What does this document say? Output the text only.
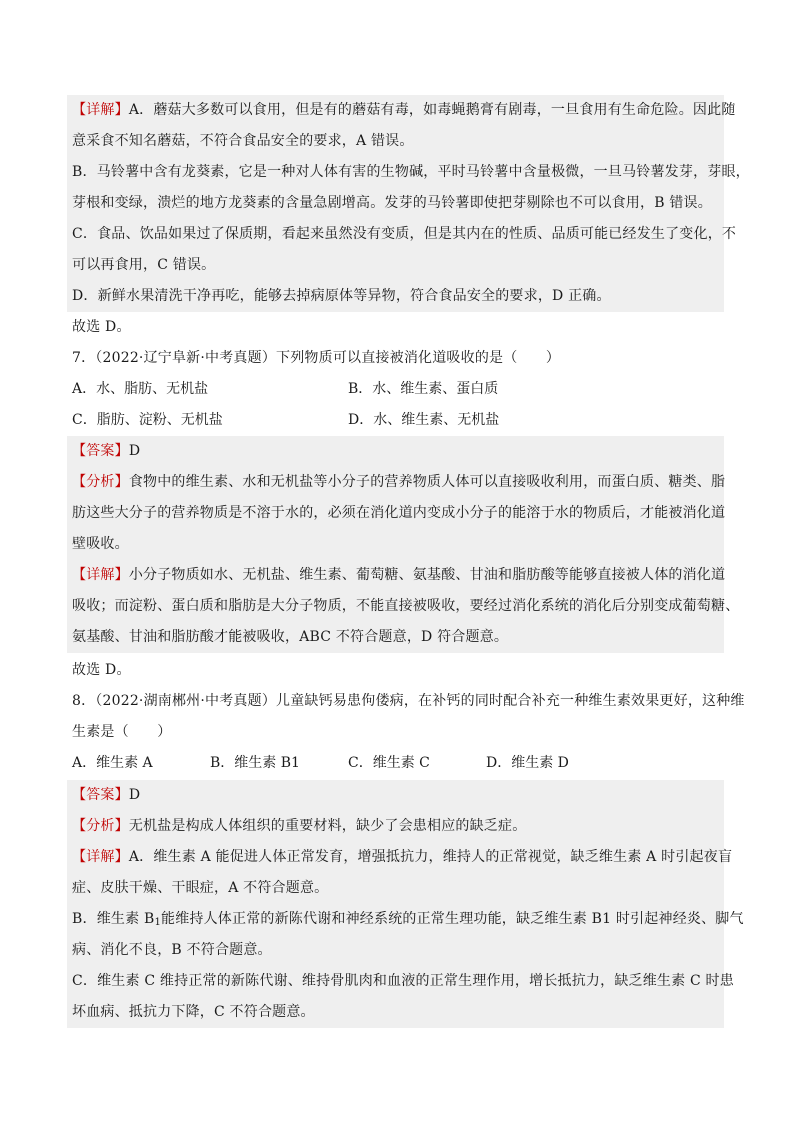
【详解】A．蘑菇大多数可以食用，但是有的蘑菇有毒，如毒蝇鹅膏有剧毒，一旦食用有生命危险。因此随
意采食不知名蘑菇，不符合食品安全的要求，A 错误。
B．马铃薯中含有龙葵素，它是一种对人体有害的生物碱，平时马铃薯中含量极微，一旦马铃薯发芽，芽眼，
芽根和变绿，溃烂的地方龙葵素的含量急剧增高。发芽的马铃薯即使把芽剔除也不可以食用，B 错误。
C．食品、饮品如果过了保质期，看起来虽然没有变质，但是其内在的性质、品质可能已经发生了变化，不
可以再食用，C 错误。
D．新鲜水果清洗干净再吃，能够去掉病原体等异物，符合食品安全的要求，D 正确。
故选 D。
7．（2022·辽宁阜新·中考真题）下列物质可以直接被消化道吸收的是（　　）
A．水、脂肪、无机盐	B．水、维生素、蛋白质
C．脂肪、淀粉、无机盐	D．水、维生素、无机盐
【答案】D
【分析】食物中的维生素、水和无机盐等小分子的营养物质人体可以直接吸收利用，而蛋白质、糖类、脂
肪这些大分子的营养物质是不溶于水的，必须在消化道内变成小分子的能溶于水的物质后，才能被消化道
壁吸收。
【详解】小分子物质如水、无机盐、维生素、葡萄糖、氨基酸、甘油和脂肪酸等能够直接被人体的消化道
吸收；而淀粉、蛋白质和脂肪是大分子物质，不能直接被吸收，要经过消化系统的消化后分别变成葡萄糖、
氨基酸、甘油和脂肪酸才能被吸收，ABC 不符合题意，D 符合题意。
故选 D。
8．（2022·湖南郴州·中考真题）儿童缺钙易患佝偻病，在补钙的同时配合补充一种维生素效果更好，这种维
生素是（　　）
A．维生素 A	B．维生素 B1	C．维生素 C	D．维生素 D
【答案】D
【分析】无机盐是构成人体组织的重要材料，缺少了会患相应的缺乏症。
【详解】A．维生素 A 能促进人体正常发育，增强抵抗力，维持人的正常视觉，缺乏维生素 A 时引起夜盲
症、皮肤干燥、干眼症，A 不符合题意。
B．维生素 $B_1$能维持人体正常的新陈代谢和神经系统的正常生理功能，缺乏维生素 B1 时引起神经炎、脚气
病、消化不良，B 不符合题意。
C．维生素 C 维持正常的新陈代谢、维持骨肌肉和血液的正常生理作用，增长抵抗力，缺乏维生素 C 时患
坏血病、抵抗力下降，C 不符合题意。
